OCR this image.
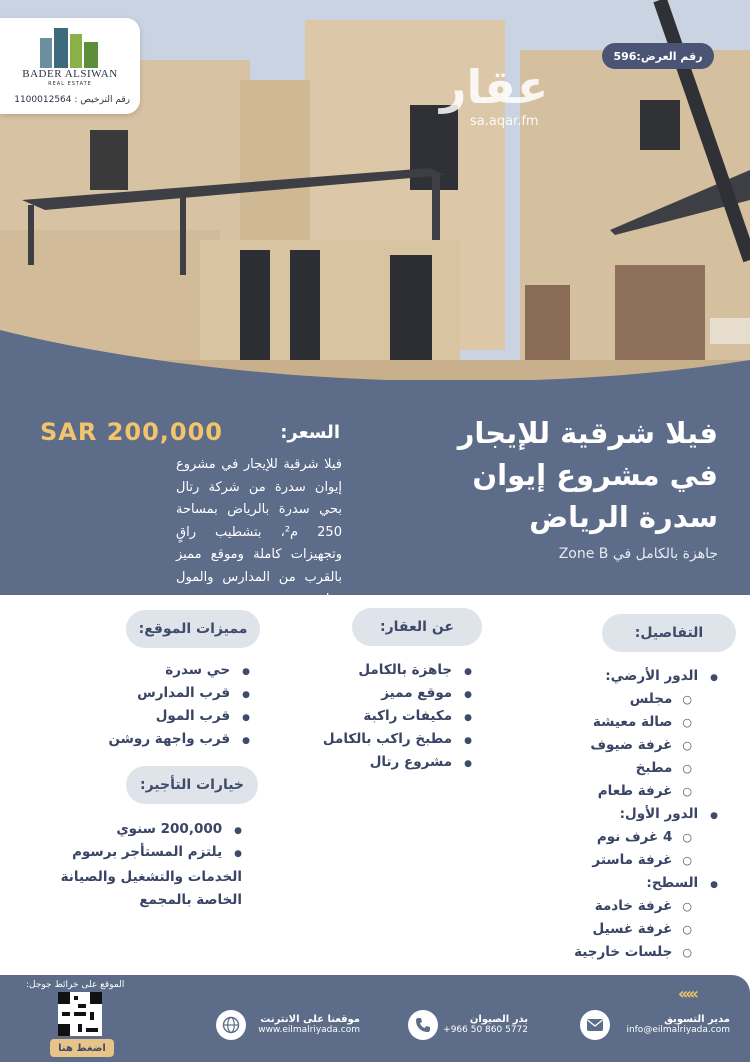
BADER ALSIWAN
REAL ESTATE
رقم الترخيص : 1100012564
رقم العرض:596
عقار
sa.aqar.fm
السعر:
SAR 200,000
فيلا شرقية للإيجار في مشروع إيوان سدرة من شركة رتال بحي سدرة بالرياض بمساحة 250 م²، بتشطيب راقٍ وتجهيزات كاملة وموقع مميز بالقرب من المدارس والمول وواجهة روشن.
فيلا شرقية للإيجار في مشروع إيوان سدرة الرياض
جاهزة بالكامل في Zone B
التفاصيل:
● الدور الأرضي:
○ مجلس
○ صالة معيشة
○ غرفة ضيوف
○ مطبخ
○ غرفة طعام
● الدور الأول:
○ 4 غرف نوم
○ غرفة ماستر
● السطح:
○ غرفة خادمة
○ غرفة غسيل
○ جلسات خارجية
عن العقار:
● جاهزة بالكامل
● موقع مميز
● مكيفات راكبة
● مطبخ راكب بالكامل
● مشروع رتال
مميزات الموقع:
● حي سدرة
● قرب المدارس
● قرب المول
● قرب واجهة روشن
خيارات التأجير:
● 200,000 سنوي
● يلتزم المستأجر برسوم الخدمات والتشغيل والصيانة الخاصة بالمجمع
الموقع على خرائط جوجل:
اضغط هنا
موقعنا على الانترنت
www.eilmalriyada.com
بدر الصيوان
+966 50 860 5772
مدير التسويق
info@eilmalriyada.com
‹‹‹‹‹
